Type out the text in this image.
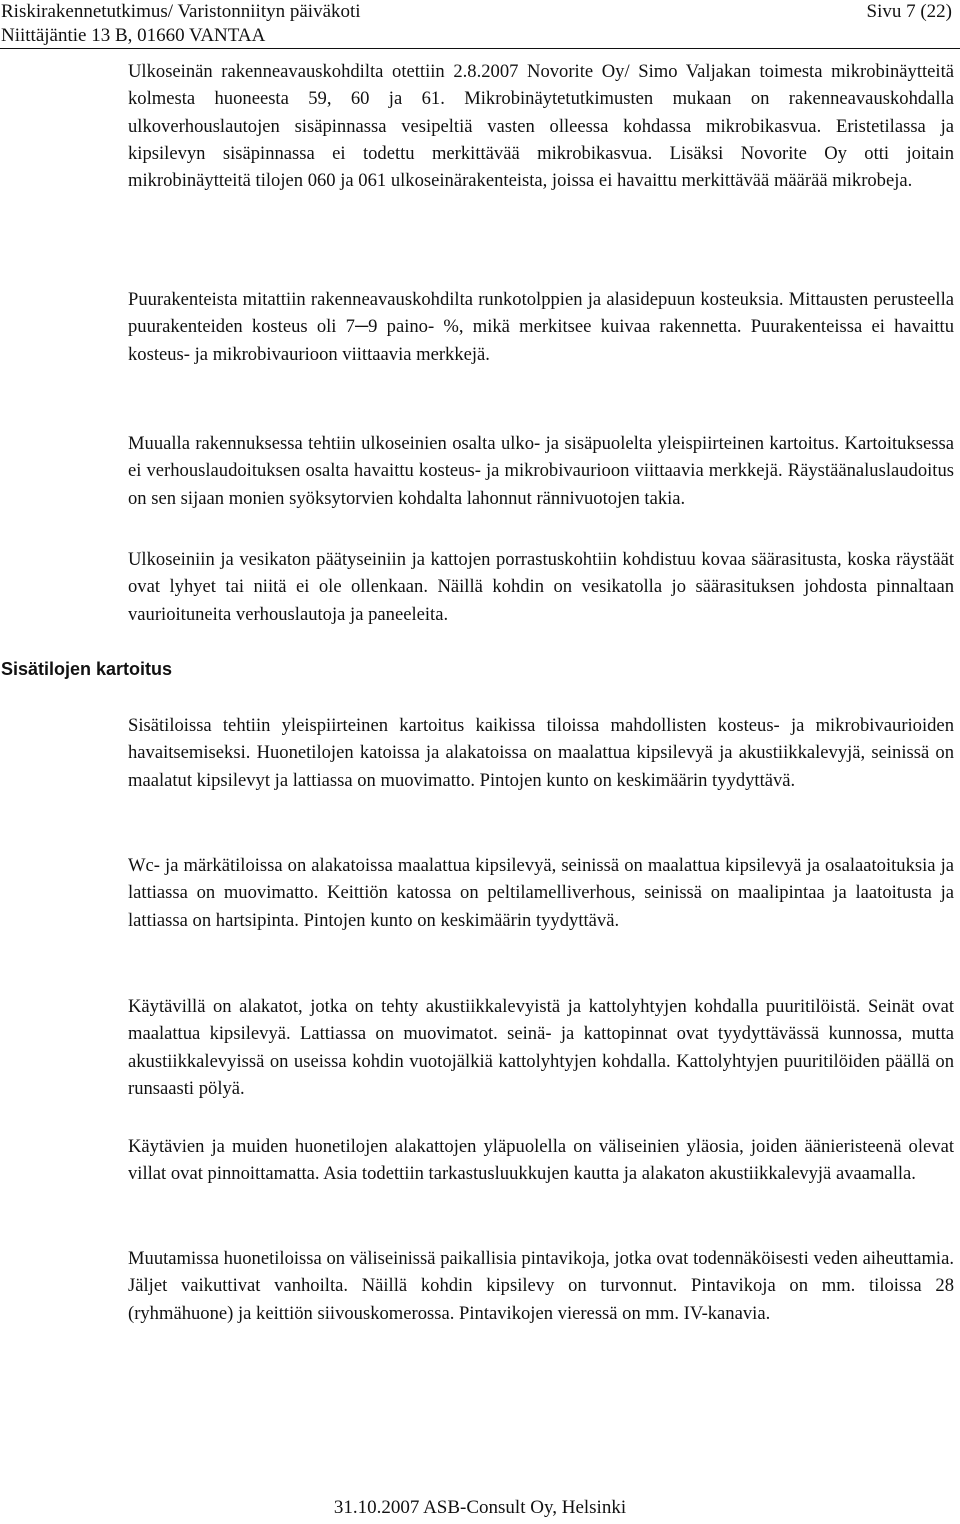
Riskirakennetutkimus/ Varistonniityn päiväkoti
Niittäjäntie 13 B, 01660 VANTAA
Sivu 7 (22)
Sisätilojen kartoitus

Ulkoseinän rakenneavauskohdilta otettiin 2.8.2007 Novorite Oy/ Simo Valjakan toimesta mikrobinäytteitä kolmesta huoneesta 59, 60 ja 61. Mikrobinäytetutkimusten mukaan on rakenneavauskohdalla ulkoverhouslautojen sisäpinnassa vesipeltiä vasten olleessa kohdassa mikrobikasvua. Eristetilassa ja kipsilevyn sisäpinnassa ei todettu merkittävää mikrobikasvua. Lisäksi Novorite Oy otti joitain mikrobinäytteitä tilojen 060 ja 061 ulkoseinärakenteista, joissa ei havaittu merkittävää määrää mikrobeja.

Puurakenteista mitattiin rakenneavauskohdilta runkotolppien ja alasidepuun kosteuksia. Mittausten perusteella puurakenteiden kosteus oli 7─9 paino- %, mikä merkitsee kuivaa rakennetta. Puurakenteissa ei havaittu kosteus- ja mikrobivaurioon viittaavia merkkejä.

Muualla rakennuksessa tehtiin ulkoseinien osalta ulko- ja sisäpuolelta yleispiirteinen kartoitus. Kartoituksessa ei verhouslaudoituksen osalta havaittu kosteus- ja mikrobivaurioon viittaavia merkkejä. Räystäänaluslaudoitus on sen sijaan monien syöksytorvien kohdalta lahonnut rännivuotojen takia.

Ulkoseiniin ja vesikaton päätyseiniin ja kattojen porrastuskohtiin kohdistuu kovaa säärasitusta, koska räystäät ovat lyhyet tai niitä ei ole ollenkaan. Näillä kohdin on vesikatolla jo säärasituksen johdosta pinnaltaan vaurioituneita verhouslautoja ja paneeleita.

Sisätiloissa tehtiin yleispiirteinen kartoitus kaikissa tiloissa mahdollisten kosteus- ja mikrobivaurioiden havaitsemiseksi. Huonetilojen katoissa ja alakatoissa on maalattua kipsilevyä ja akustiikkalevyjä, seinissä on maalatut kipsilevyt ja lattiassa on muovimatto. Pintojen kunto on keskimäärin tyydyttävä.

Wc- ja märkätiloissa on alakatoissa maalattua kipsilevyä, seinissä on maalattua kipsilevyä ja osalaatoituksia ja lattiassa on muovimatto. Keittiön katossa on peltilamelliverhous, seinissä on maalipintaa ja laatoitusta ja lattiassa on hartsipinta. Pintojen kunto on keskimäärin tyydyttävä.

Käytävillä on alakatot, jotka on tehty akustiikkalevyistä ja kattolyhtyjen kohdalla puuritilöistä. Seinät ovat maalattua kipsilevyä. Lattiassa on muovimatot. seinä- ja kattopinnat ovat tyydyttävässä kunnossa, mutta akustiikkalevyissä on useissa kohdin vuotojälkiä kattolyhtyjen kohdalla. Kattolyhtyjen puuritilöiden päällä on runsaasti pölyä.

Käytävien ja muiden huonetilojen alakattojen yläpuolella on väliseinien yläosia, joiden äänieristeenä olevat villat ovat pinnoittamatta. Asia todettiin tarkastusluukkujen kautta ja alakaton akustiikkalevyjä avaamalla.

Muutamissa huonetiloissa on väliseinissä paikallisia pintavikoja, jotka ovat todennäköisesti veden aiheuttamia. Jäljet vaikuttivat vanhoilta. Näillä kohdin kipsilevy on turvonnut. Pintavikoja on mm. tiloissa 28 (ryhmähuone) ja keittiön siivouskomerossa. Pintavikojen vieressä on mm. IV-kanavia.

31.10.2007 ASB-Consult Oy, Helsinki
